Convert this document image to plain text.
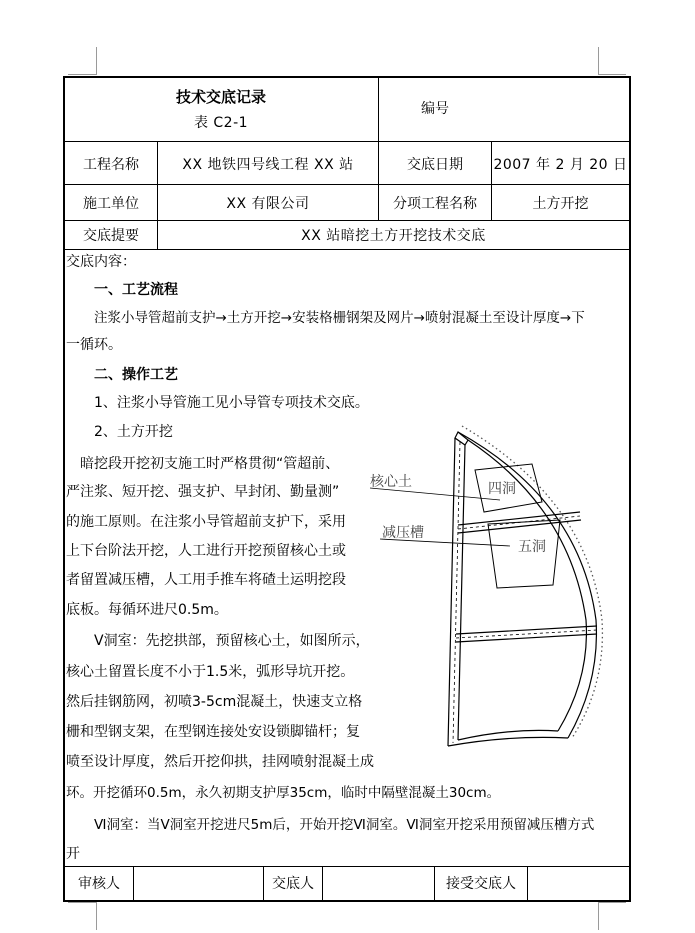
技术交底记录
表 C2-1
编号
工程名称	XX 地铁四号线工程 XX 站	交底日期	2007 年 2 月 20 日
施工单位	XX 有限公司	分项工程名称	土方开挖
交底提要	XX 站暗挖土方开挖技术交底
交底内容：
一、工艺流程
注浆小导管超前支护→土方开挖→安装格栅钢架及网片→喷射混凝土至设计厚度→下
一循环。
二、操作工艺
1、注浆小导管施工见小导管专项技术交底。
2、土方开挖
暗挖段开挖初支施工时严格贯彻“管超前、
严注浆、短开挖、强支护、早封闭、勤量测”
的施工原则。在注浆小导管超前支护下，采用
上下台阶法开挖，人工进行开挖预留核心土或
者留置减压槽，人工用手推车将碴土运明挖段
底板。每循环进尺0.5m。
Ⅴ洞室：先挖拱部，预留核心土，如图所示，
核心土留置长度不小于1.5米，弧形导坑开挖。
然后挂钢筋网，初喷3-5cm混凝土，快速支立格
栅和型钢支架，在型钢连接处安设锁脚锚杆；复
喷至设计厚度，然后开挖仰拱，挂网喷射混凝土成
环。开挖循环0.5m，永久初期支护厚35cm，临时中隔壁混凝土30cm。
Ⅵ洞室：当Ⅴ洞室开挖进尺5m后，开始开挖Ⅵ洞室。Ⅵ洞室开挖采用预留减压槽方式
开
核心土
减压槽
四洞
五洞
审核人	交底人	接受交底人
